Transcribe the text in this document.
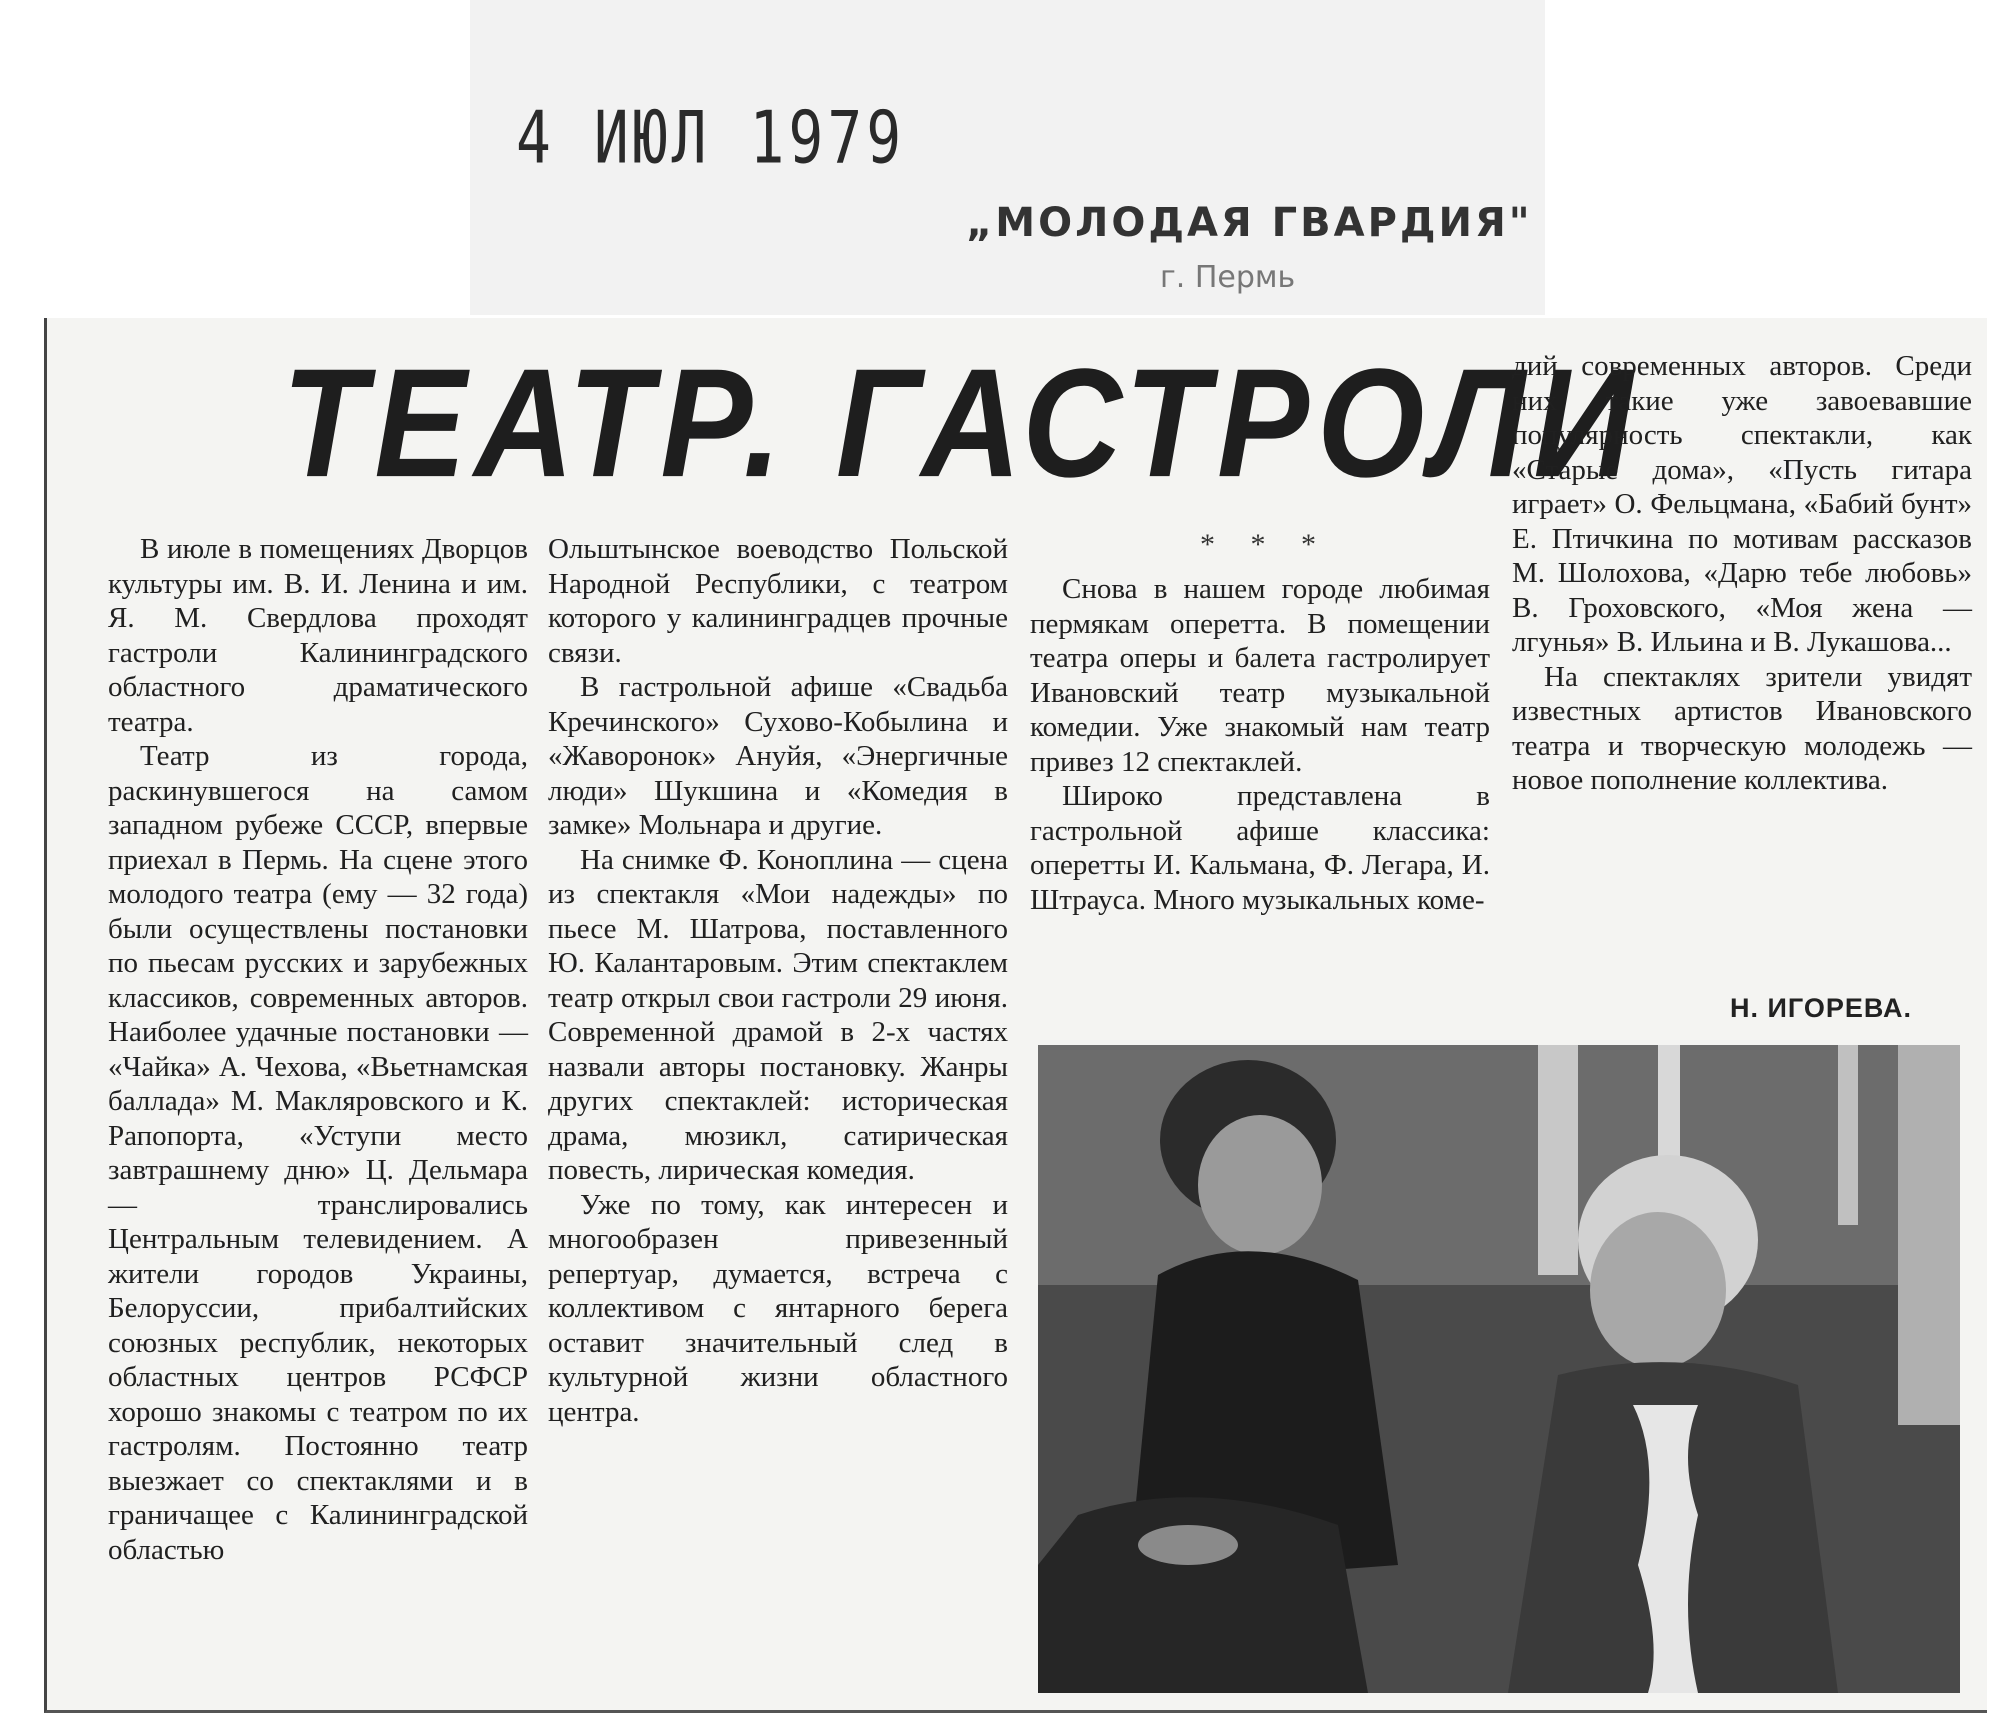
4 ИЮЛ 1979
„МОЛОДАЯ ГВАРДИЯ"
г. Пермь
ТЕАТР. ГАСТРОЛИ

В июле в помещениях Дворцов культуры им. В. И. Ленина и им. Я. М. Свердлова проходят гастроли Калининградского областного драматического театра.

Театр из города, раскинувшегося на самом западном рубеже СССР, впервые приехал в Пермь. На сцене этого молодого театра (ему — 32 года) были осуществлены постановки по пьесам русских и зарубежных классиков, современных авторов. Наиболее удачные постановки — «Чайка» А. Чехова, «Вьетнамская баллада» М. Макляровского и К. Рапопорта, «Уступи место завтрашнему дню» Ц. Дельмара — транслировались Центральным телевидением. А жители городов Украины, Белоруссии, прибалтийских союзных республик, некоторых областных центров РСФСР хорошо знакомы с театром по их гастролям. Постоянно театр выезжает со спектаклями и в граничащее с Калининградской областью

Ольштынское воеводство Польской Народной Республики, с театром которого у калининградцев прочные связи.

В гастрольной афише «Свадьба Кречинского» Сухово-Кобылина и «Жаворонок» Ануйя, «Энергичные люди» Шукшина и «Комедия в замке» Мольнара и другие.

На снимке Ф. Коноплина — сцена из спектакля «Мои надежды» по пьесе М. Шатрова, поставленного Ю. Калантаровым. Этим спектаклем театр открыл свои гастроли 29 июня. Современной драмой в 2-х частях назвали авторы постановку. Жанры других спектаклей: историческая драма, мюзикл, сатирическая повесть, лирическая комедия.

Уже по тому, как интересен и многообразен привезенный репертуар, думается, встреча с коллективом с янтарного берега оставит значительный след в культурной жизни областного центра.

* * *

Снова в нашем городе любимая пермякам оперетта. В помещении театра оперы и балета гастролирует Ивановский театр музыкальной комедии. Уже знакомый нам театр привез 12 спектаклей.

Широко представлена в гастрольной афише классика: оперетты И. Кальмана, Ф. Легара, И. Штрауса. Много музыкальных коме-

дий современных авторов. Среди них такие уже завоевавшие популярность спектакли, как «Старые дома», «Пусть гитара играет» О. Фельцмана, «Бабий бунт» Е. Птичкина по мотивам рассказов М. Шолохова, «Дарю тебе любовь» В. Гроховского, «Моя жена — лгунья» В. Ильина и В. Лукашова...

На спектаклях зрители увидят известных артистов Ивановского театра и творческую молодежь — новое пополнение коллектива.

Н. ИГОРЕВА.
